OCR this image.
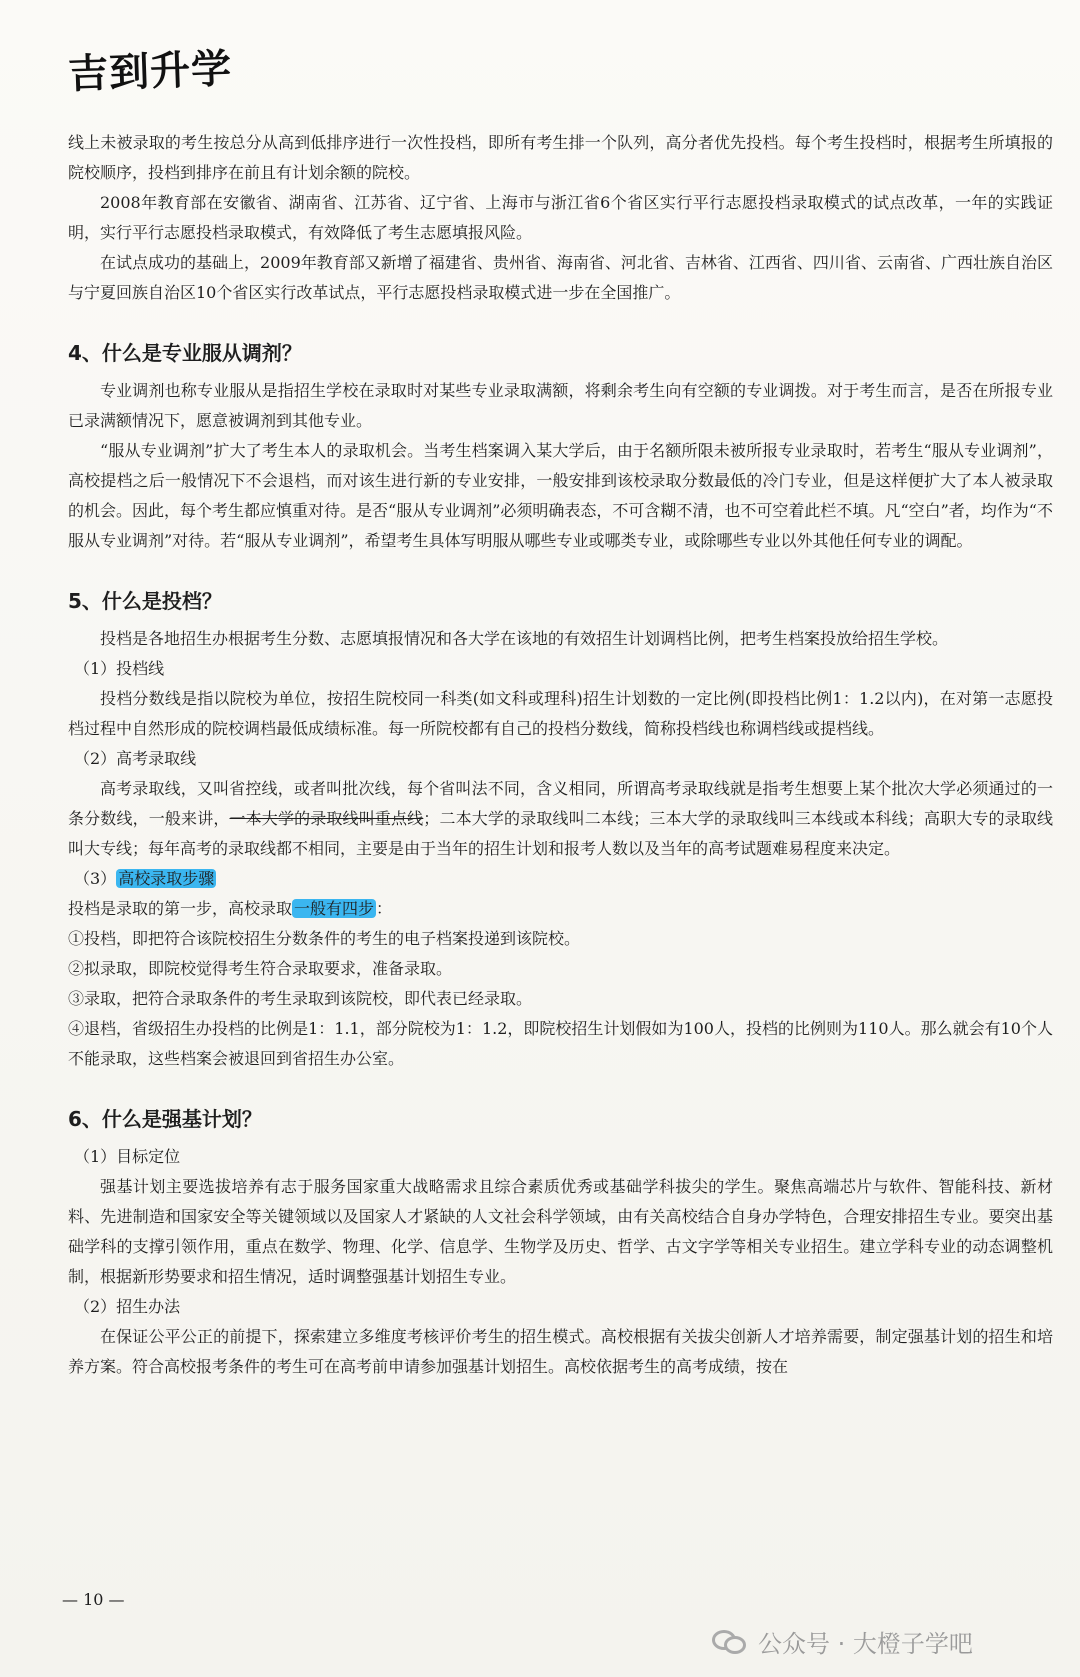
吉到升学

线上未被录取的考生按总分从高到低排序进行一次性投档，即所有考生排一个队列，高分者优先投档。每个考生投档时，根据考生所填报的院校顺序，投档到排序在前且有计划余额的院校。

2008年教育部在安徽省、湖南省、江苏省、辽宁省、上海市与浙江省6个省区实行平行志愿投档录取模式的试点改革，一年的实践证明，实行平行志愿投档录取模式，有效降低了考生志愿填报风险。

在试点成功的基础上，2009年教育部又新增了福建省、贵州省、海南省、河北省、吉林省、江西省、四川省、云南省、广西壮族自治区与宁夏回族自治区10个省区实行改革试点，平行志愿投档录取模式进一步在全国推广。

4、什么是专业服从调剂？

专业调剂也称专业服从是指招生学校在录取时对某些专业录取满额，将剩余考生向有空额的专业调拨。对于考生而言，是否在所报专业已录满额情况下，愿意被调剂到其他专业。

“服从专业调剂”扩大了考生本人的录取机会。当考生档案调入某大学后，由于名额所限未被所报专业录取时，若考生“服从专业调剂”，高校提档之后一般情况下不会退档，而对该生进行新的专业安排，一般安排到该校录取分数最低的冷门专业，但是这样便扩大了本人被录取的机会。因此，每个考生都应慎重对待。是否“服从专业调剂”必须明确表态，不可含糊不清，也不可空着此栏不填。凡“空白”者，均作为“不服从专业调剂”对待。若“服从专业调剂”，希望考生具体写明服从哪些专业或哪类专业，或除哪些专业以外其他任何专业的调配。

5、什么是投档？

投档是各地招生办根据考生分数、志愿填报情况和各大学在该地的有效招生计划调档比例，把考生档案投放给招生学校。

（1）投档线

投档分数线是指以院校为单位，按招生院校同一科类(如文科或理科)招生计划数的一定比例(即投档比例1：1.2以内)，在对第一志愿投档过程中自然形成的院校调档最低成绩标准。每一所院校都有自己的投档分数线，简称投档线也称调档线或提档线。

（2）高考录取线

高考录取线，又叫省控线，或者叫批次线，每个省叫法不同，含义相同，所谓高考录取线就是指考生想要上某个批次大学必须通过的一条分数线，一般来讲，一本大学的录取线叫重点线；二本大学的录取线叫二本线；三本大学的录取线叫三本线或本科线；高职大专的录取线叫大专线；每年高考的录取线都不相同，主要是由于当年的招生计划和报考人数以及当年的高考试题难易程度来决定。

（3） 高校录取步骤

投档是录取的第一步，高校录取 一般有四步 ：

①投档，即把符合该院校招生分数条件的考生的电子档案投递到该院校。

②拟录取，即院校觉得考生符合录取要求，准备录取。

③录取，把符合录取条件的考生录取到该院校，即代表已经录取。

④退档，省级招生办投档的比例是1：1.1，部分院校为1：1.2，即院校招生计划假如为100人，投档的比例则为110人。那么就会有10个人不能录取，这些档案会被退回到省招生办公室。

6、什么是强基计划？

（1）目标定位

强基计划主要选拔培养有志于服务国家重大战略需求且综合素质优秀或基础学科拔尖的学生。聚焦高端芯片与软件、智能科技、新材料、先进制造和国家安全等关键领域以及国家人才紧缺的人文社会科学领域，由有关高校结合自身办学特色，合理安排招生专业。要突出基础学科的支撑引领作用，重点在数学、物理、化学、信息学、生物学及历史、哲学、古文字学等相关专业招生。建立学科专业的动态调整机制，根据新形势要求和招生情况，适时调整强基计划招生专业。

（2）招生办法

在保证公平公正的前提下，探索建立多维度考核评价考生的招生模式。高校根据有关拔尖创新人才培养需要，制定强基计划的招生和培养方案。符合高校报考条件的考生可在高考前申请参加强基计划招生。高校依据考生的高考成绩，按在

— 10 —
公众号 · 大橙子学吧
